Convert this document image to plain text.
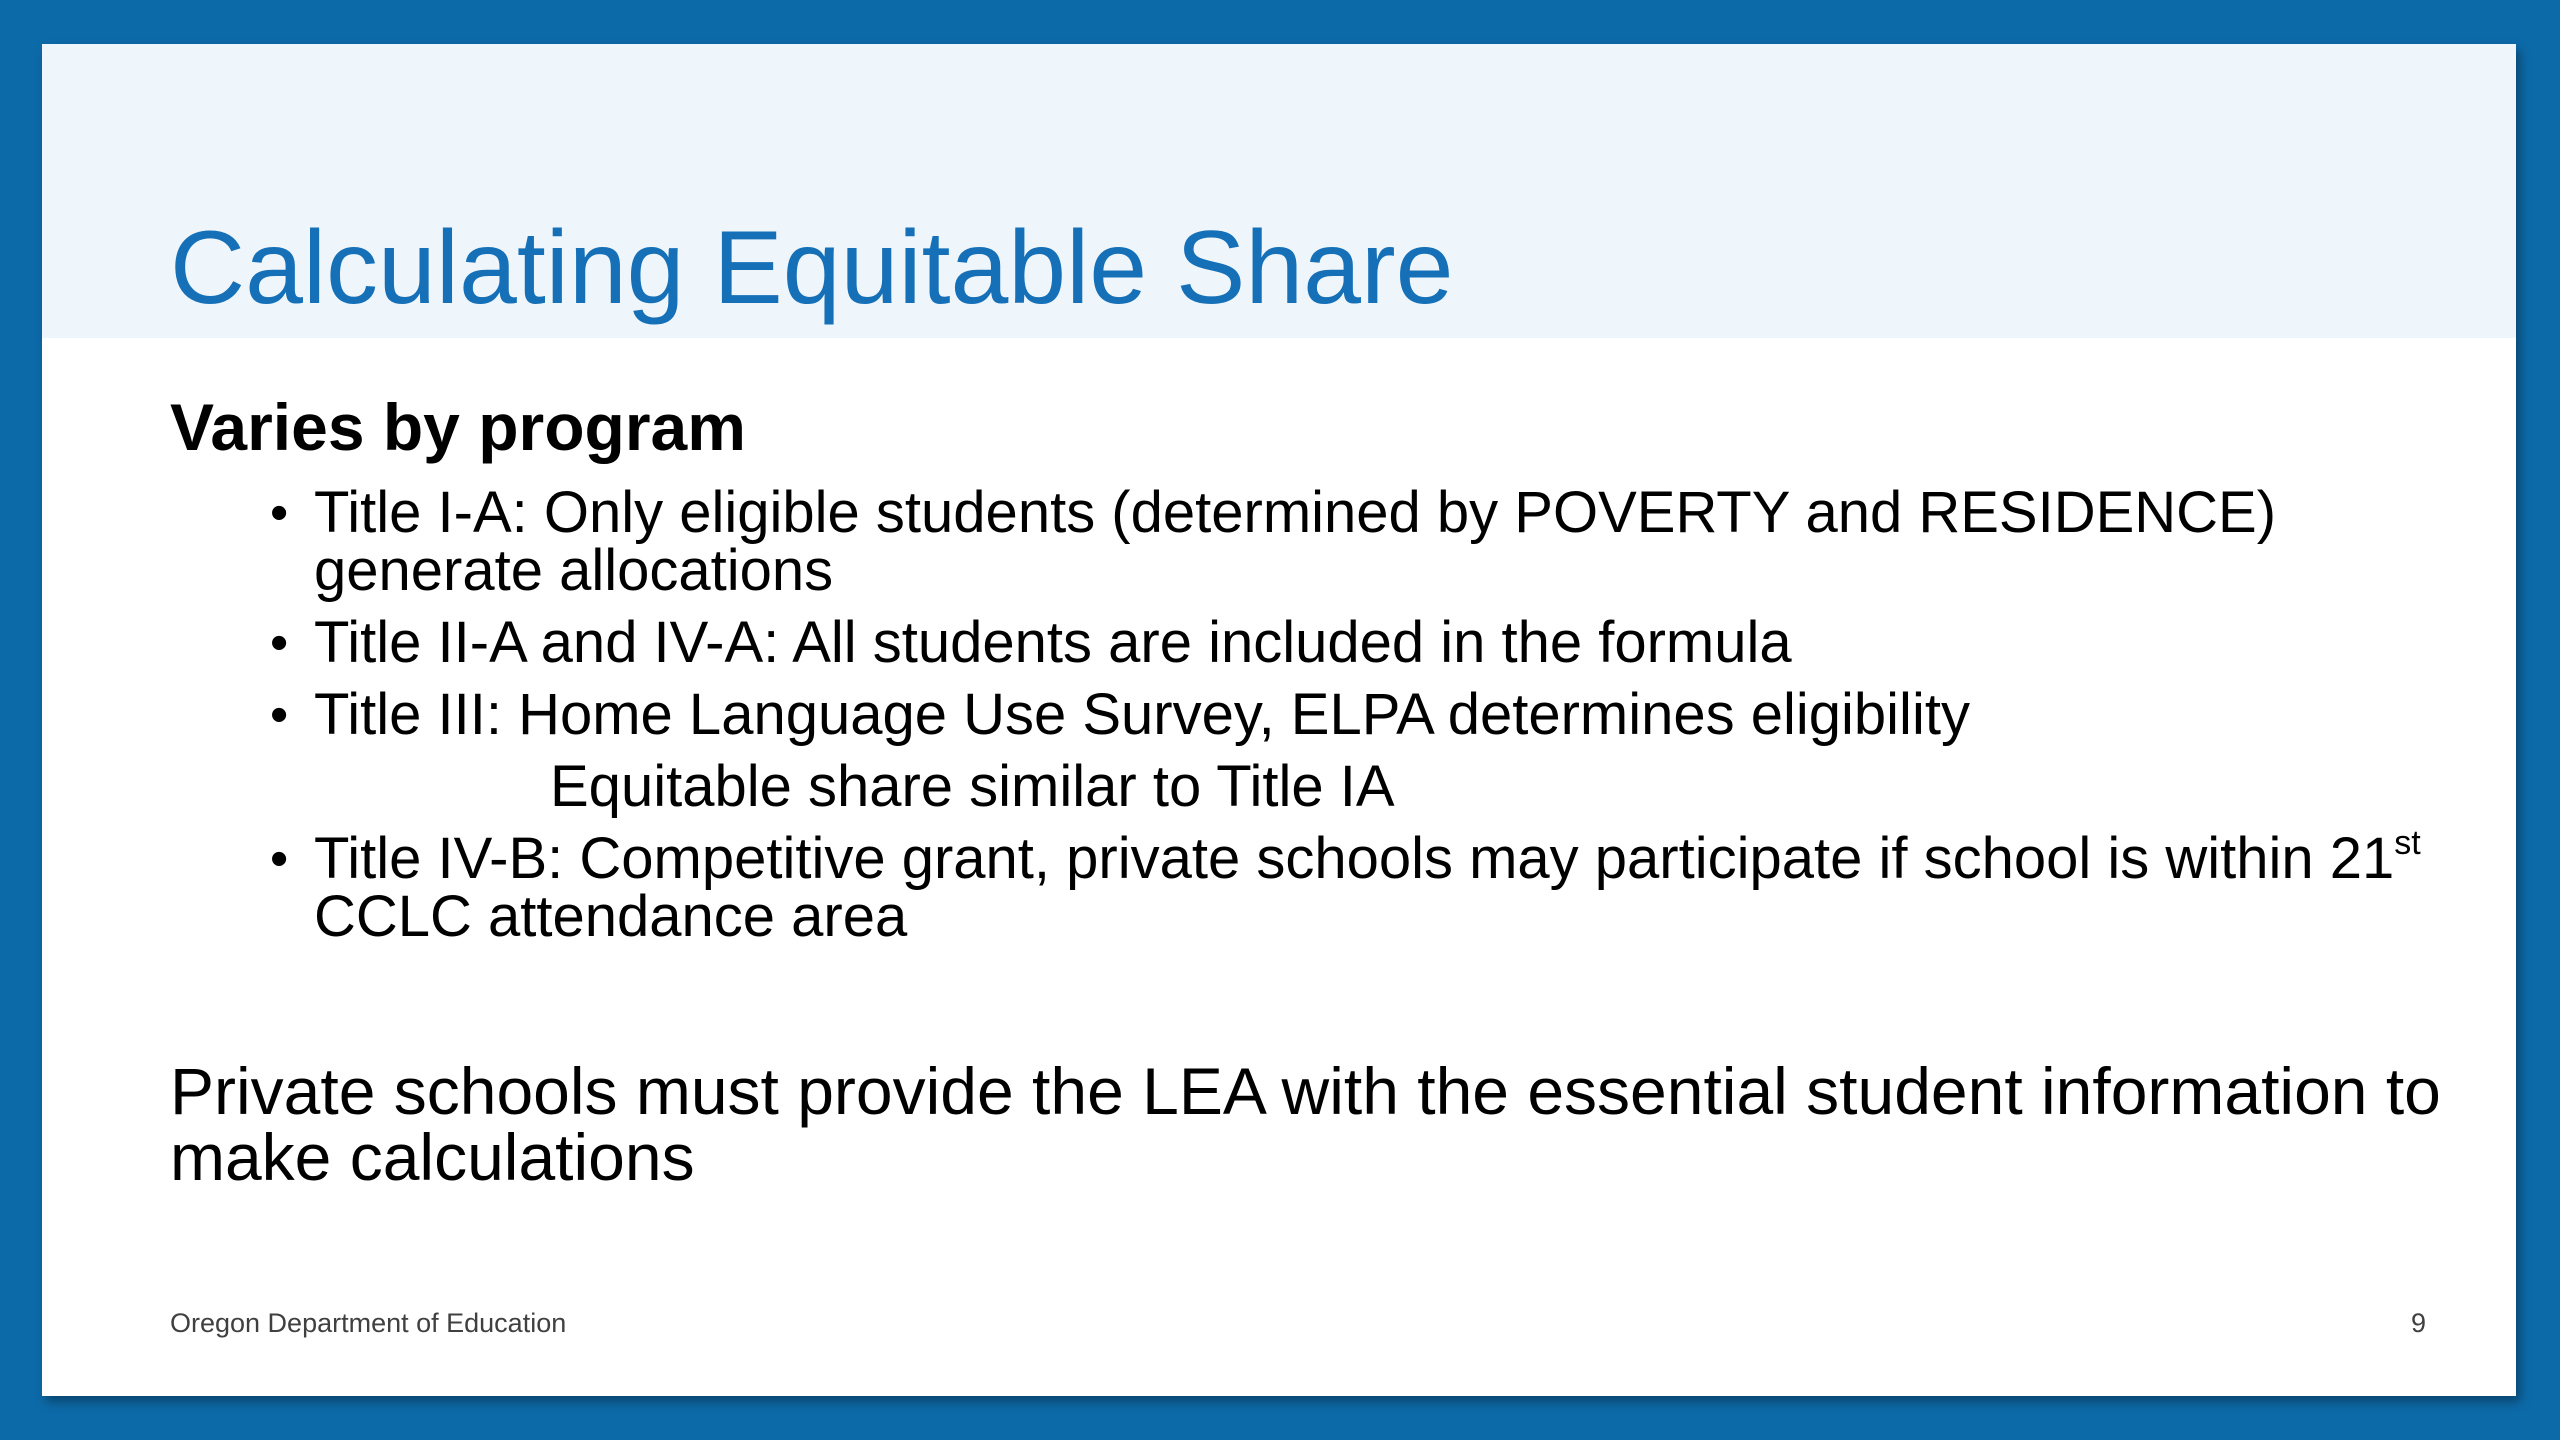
Calculating Equitable Share

Varies by program

• Title I-A: Only eligible students (determined by POVERTY and RESIDENCE) generate allocations
• Title II-A and IV-A: All students are included in the formula
• Title III: Home Language Use Survey, ELPA determines eligibility
Equitable share similar to Title IA
• Title IV-B: Competitive grant, private schools may participate if school is within 21st CCLC attendance area

Private schools must provide the LEA with the essential student information to make calculations

Oregon Department of Education	9
